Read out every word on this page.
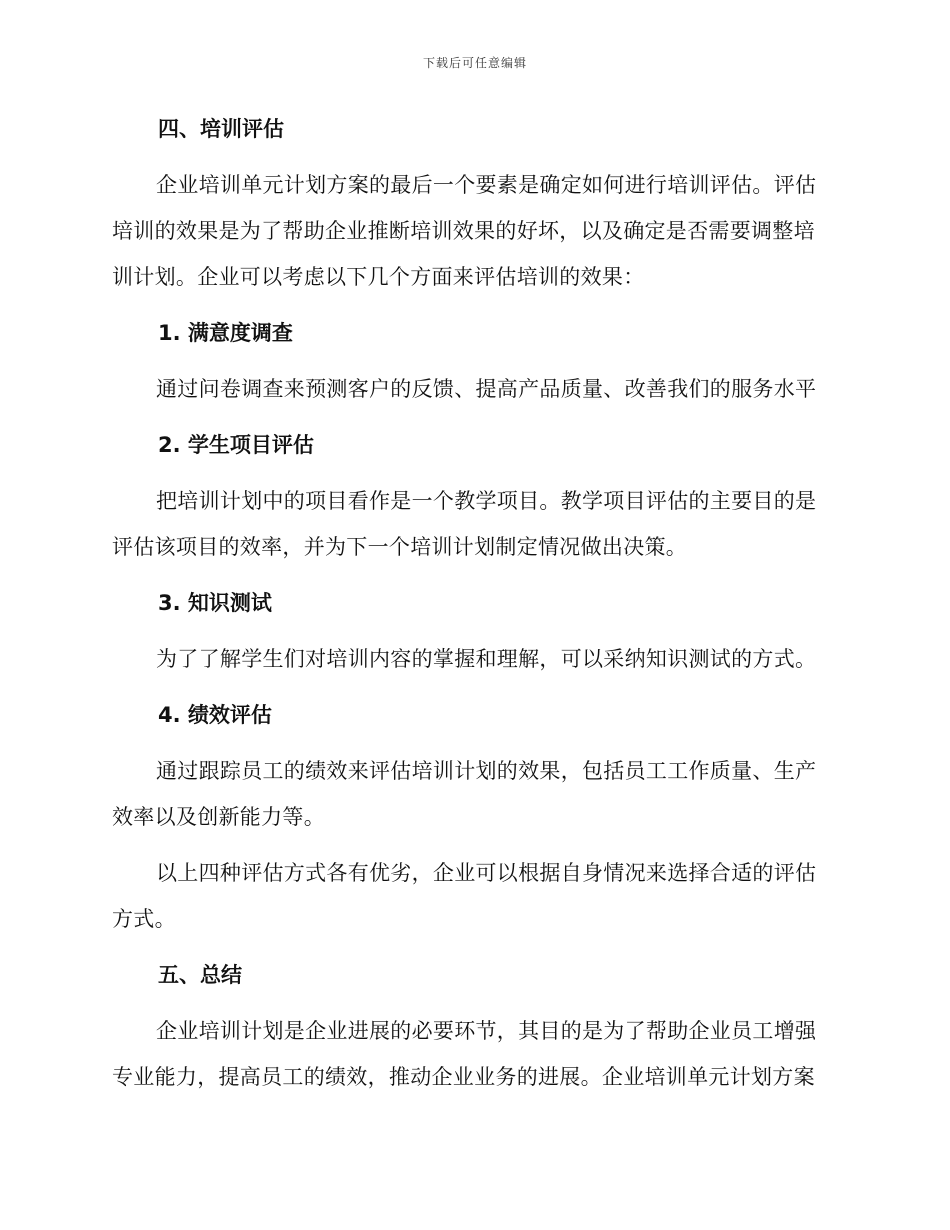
下载后可任意编辑
四、培训评估

企业培训单元计划方案的最后一个要素是确定如何进行培训评估。评估培训的效果是为了帮助企业推断培训效果的好坏，以及确定是否需要调整培训计划。企业可以考虑以下几个方面来评估培训的效果：

1. 满意度调查

通过问卷调查来预测客户的反馈、提高产品质量、改善我们的服务水平

2. 学生项目评估

把培训计划中的项目看作是一个教学项目。教学项目评估的主要目的是评估该项目的效率，并为下一个培训计划制定情况做出决策。

3. 知识测试

为了了解学生们对培训内容的掌握和理解，可以采纳知识测试的方式。

4. 绩效评估

通过跟踪员工的绩效来评估培训计划的效果，包括员工工作质量、生产效率以及创新能力等。

以上四种评估方式各有优劣，企业可以根据自身情况来选择合适的评估方式。

五、总结

企业培训计划是企业进展的必要环节，其目的是为了帮助企业员工增强专业能力，提高员工的绩效，推动企业业务的进展。企业培训单元计划方案
